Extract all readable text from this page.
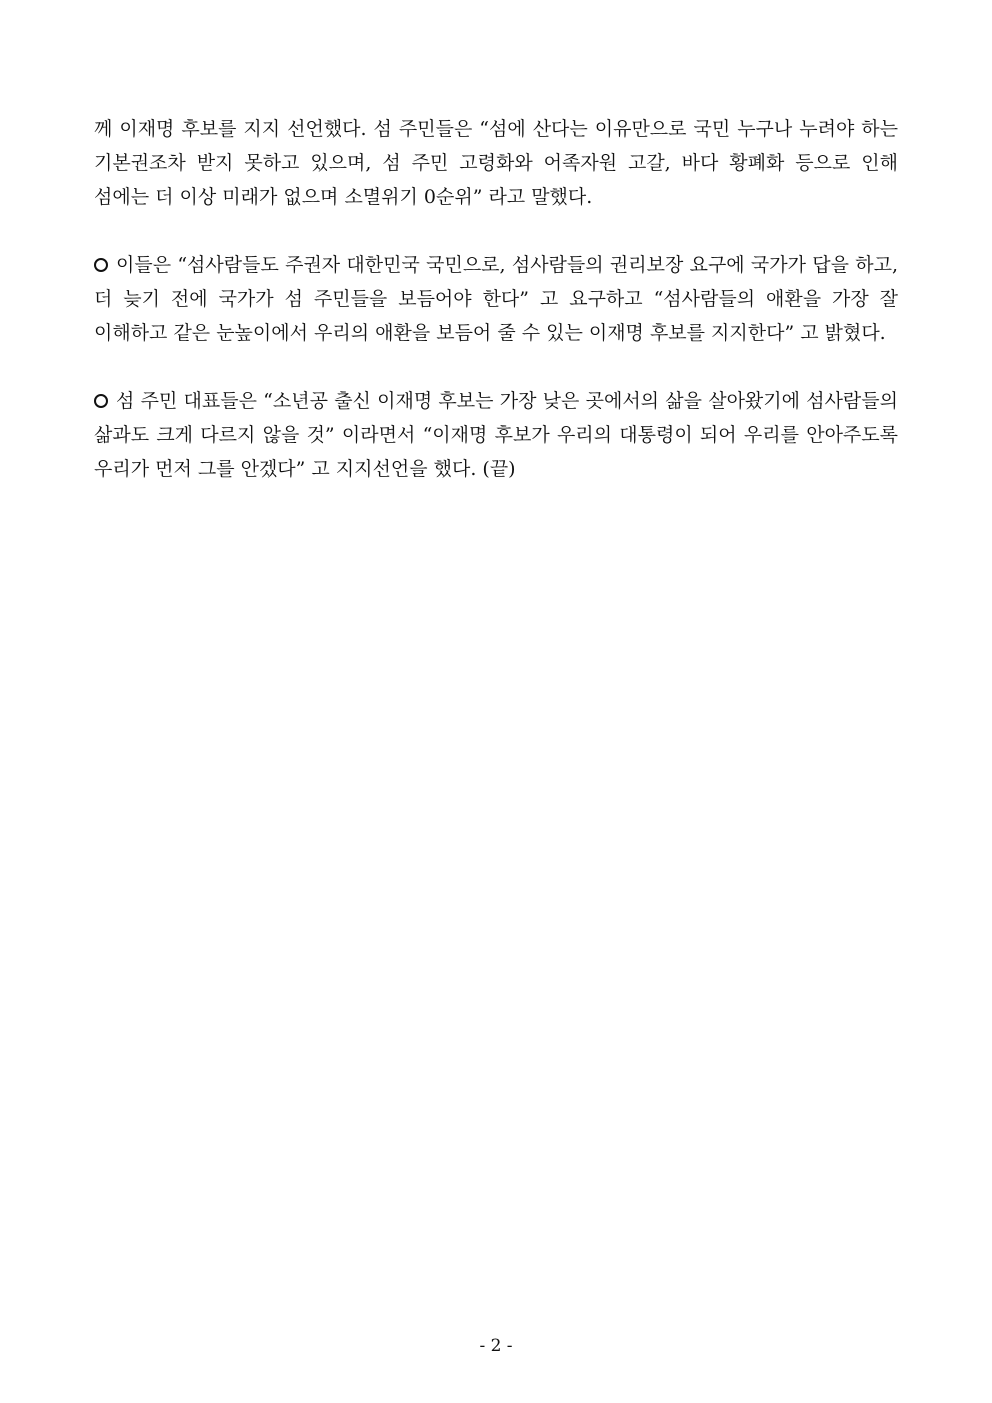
께 이재명 후보를 지지 선언했다. 섬 주민들은 “섬에 산다는 이유만으로 국민 누구나 누려야 하는 기본권조차 받지 못하고 있으며, 섬 주민 고령화와 어족자원 고갈, 바다 황폐화 등으로 인해 섬에는 더 이상 미래가 없으며 소멸위기 0순위” 라고 말했다.

이들은 “섬사람들도 주권자 대한민국 국민으로, 섬사람들의 권리보장 요구에 국가가 답을 하고, 더 늦기 전에 국가가 섬 주민들을 보듬어야 한다” 고 요구하고 “섬사람들의 애환을 가장 잘 이해하고 같은 눈높이에서 우리의 애환을 보듬어 줄 수 있는 이재명 후보를 지지한다” 고 밝혔다.

섬 주민 대표들은 “소년공 출신 이재명 후보는 가장 낮은 곳에서의 삶을 살아왔기에 섬사람들의 삶과도 크게 다르지 않을 것” 이라면서 “이재명 후보가 우리의 대통령이 되어 우리를 안아주도록 우리가 먼저 그를 안겠다” 고 지지선언을 했다. (끝)

- 2 -
